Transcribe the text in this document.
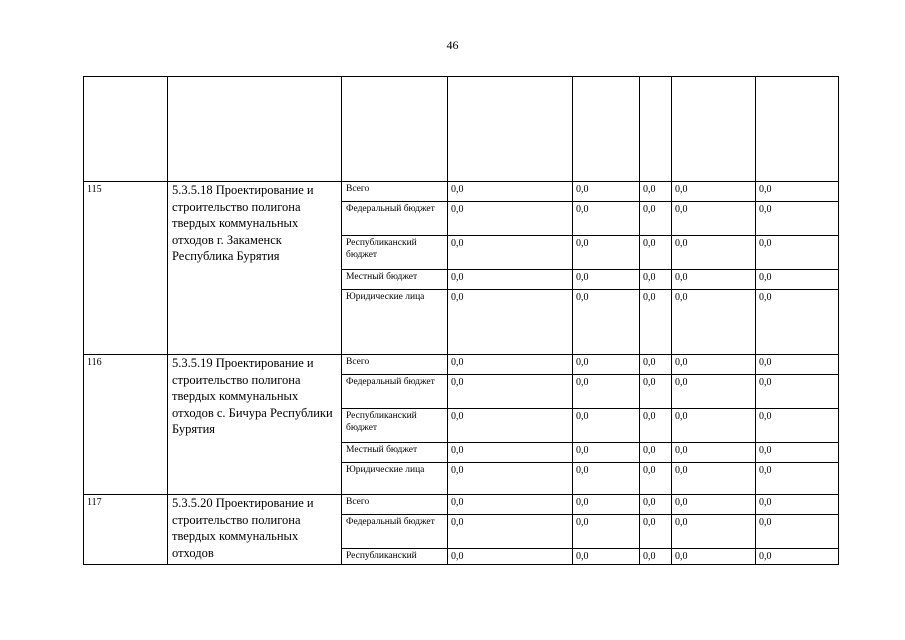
46

115	5.3.5.18 Проектирование и строительство полигона твердых коммунальных отходов г. Закаменск Республика Бурятия	Всего	0,0	0,0	0,0	0,0	0,0
		Федеральный бюджет	0,0	0,0	0,0	0,0	0,0
		Республиканский бюджет	0,0	0,0	0,0	0,0	0,0
		Местный бюджет	0,0	0,0	0,0	0,0	0,0
		Юридические лица	0,0	0,0	0,0	0,0	0,0
116	5.3.5.19 Проектирование и строительство полигона твердых коммунальных отходов с. Бичура Республики Бурятия	Всего	0,0	0,0	0,0	0,0	0,0
		Федеральный бюджет	0,0	0,0	0,0	0,0	0,0
		Республиканский бюджет	0,0	0,0	0,0	0,0	0,0
		Местный бюджет	0,0	0,0	0,0	0,0	0,0
		Юридические лица	0,0	0,0	0,0	0,0	0,0
117	5.3.5.20 Проектирование и строительство полигона твердых коммунальных отходов	Всего	0,0	0,0	0,0	0,0	0,0
		Федеральный бюджет	0,0	0,0	0,0	0,0	0,0
		Республиканский	0,0	0,0	0,0	0,0	0,0
